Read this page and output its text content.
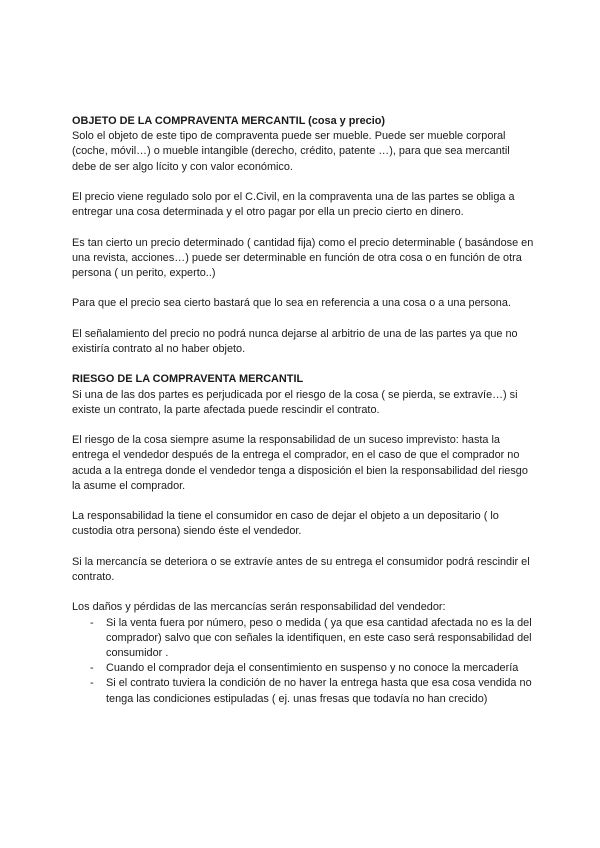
OBJETO DE LA COMPRAVENTA MERCANTIL (cosa y precio)

Solo el objeto de este tipo de compraventa puede ser mueble. Puede ser mueble corporal (coche, móvil…) o mueble intangible (derecho, crédito, patente …), para que sea mercantil debe de ser algo lícito y con valor económico.

El precio viene regulado solo por el C.Civil, en la compraventa una de las partes se obliga a entregar una cosa determinada y el otro pagar por ella un precio cierto en dinero.

Es tan cierto un precio determinado ( cantidad fija) como el precio determinable ( basándose en una revista, acciones…) puede ser determinable en función de otra cosa o en función de otra persona ( un perito, experto..)

Para que el precio sea cierto bastará que lo sea en referencia a una cosa o a una persona.

El señalamiento del precio no podrá nunca dejarse al arbitrio de una de las partes ya que no existiría contrato al no haber objeto.

RIESGO DE LA COMPRAVENTA MERCANTIL

Si una de las dos partes es perjudicada por el riesgo de la cosa ( se pierda, se extravíe…) si existe un contrato, la parte afectada puede rescindir el contrato.

El riesgo de la cosa siempre asume la responsabilidad de un suceso imprevisto: hasta la entrega el vendedor después de la entrega el comprador, en el caso de que el comprador no acuda a la entrega donde el vendedor tenga a disposición el bien la responsabilidad del riesgo la asume el comprador.

La responsabilidad la tiene el consumidor en caso de dejar el objeto a un depositario ( lo custodia otra persona) siendo éste el vendedor.

Si la mercancía se deteriora o se extravíe antes de su entrega el consumidor podrá rescindir el contrato.

Los daños y pérdidas de las mercancías serán responsabilidad del vendedor:

- Si la venta fuera por número, peso o medida ( ya que esa cantidad afectada no es la del comprador) salvo que con señales la identifiquen, en este caso será responsabilidad del consumidor .
- Cuando el comprador deja el consentimiento en suspenso y no conoce la mercadería
- Si el contrato tuviera la condición de no haver la entrega hasta que esa cosa vendida no tenga las condiciones estipuladas ( ej. unas fresas que todavía no han crecido)
